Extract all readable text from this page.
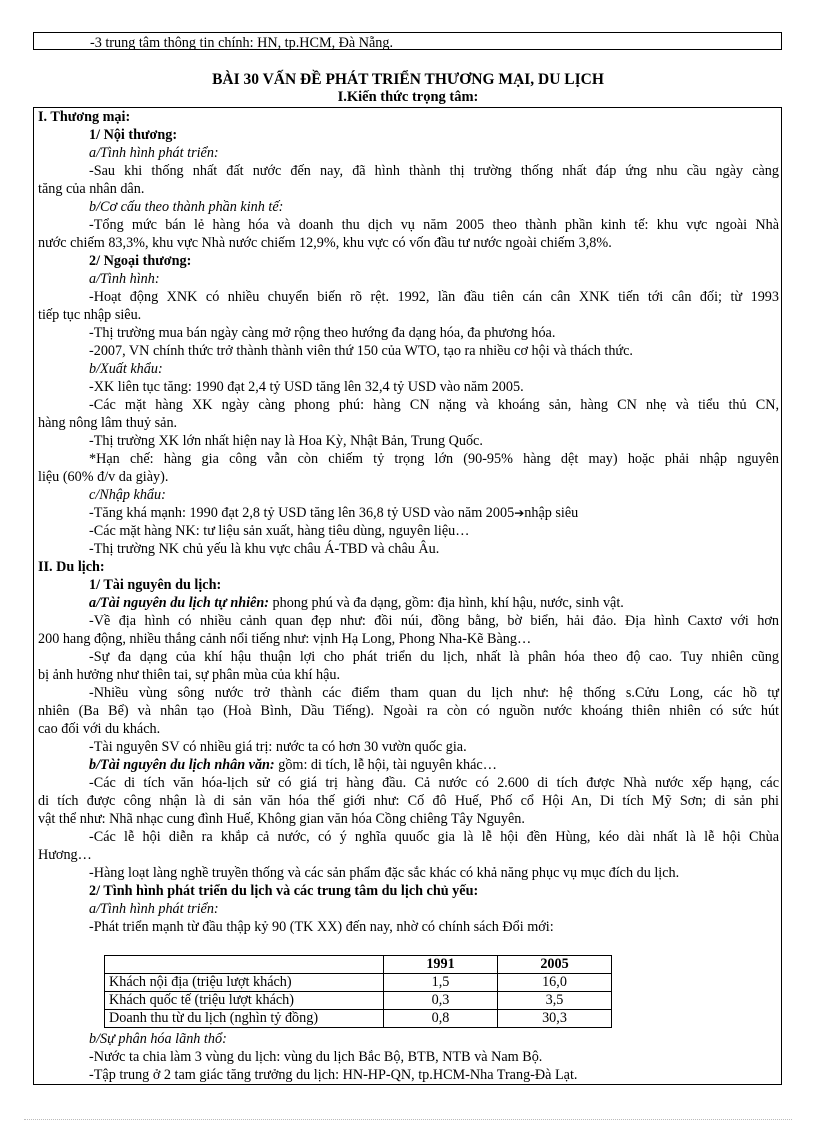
-3 trung tâm thông tin chính: HN, tp.HCM, Đà Nẵng.
BÀI 30 VẤN ĐỀ PHÁT TRIỂN THƯƠNG MẠI, DU LỊCH
I.Kiến thức trọng tâm:
I. Thương mại:
1/ Nội thương:
a/Tình hình phát triển:
-Sau khi thống nhất đất nước đến nay, đã hình thành thị trường thống nhất đáp ứng nhu cầu ngày càng
tăng của nhân dân.
b/Cơ cấu theo thành phần kinh tế:
-Tổng mức bán lẻ hàng hóa và doanh thu dịch vụ năm 2005 theo thành phần kinh tế: khu vực ngoài Nhà
nước chiếm 83,3%, khu vực Nhà nước chiếm 12,9%, khu vực có vốn đầu tư nước ngoài chiếm 3,8%.
2/ Ngoại thương:
a/Tình hình:
-Hoạt động XNK có nhiều chuyển biến rõ rệt. 1992, lần đầu tiên cán cân XNK tiến tới cân đối; từ 1993
tiếp tục nhập siêu.
-Thị trường mua bán ngày càng mở rộng theo hướng đa dạng hóa, đa phương hóa.
-2007, VN chính thức trở thành thành viên thứ 150 của WTO, tạo ra nhiều cơ hội và thách thức.
b/Xuất khẩu:
-XK liên tục tăng: 1990 đạt 2,4 tỷ USD tăng lên 32,4 tỷ USD vào năm 2005.
-Các mặt hàng XK ngày càng phong phú: hàng CN nặng và khoáng sản, hàng CN nhẹ và tiểu thủ CN,
hàng nông lâm thuỷ sản.
-Thị trường XK lớn nhất hiện nay là Hoa Kỳ, Nhật Bản, Trung Quốc.
*Hạn chế: hàng gia công vẫn còn chiếm tỷ trọng lớn (90-95% hàng dệt may) hoặc phải nhập nguyên
liệu (60% đ/v da giày).
c/Nhập khẩu:
-Tăng khá mạnh: 1990 đạt 2,8 tỷ USD tăng lên 36,8 tỷ USD vào năm 2005➔nhập siêu
-Các mặt hàng NK: tư liệu sản xuất, hàng tiêu dùng, nguyên liệu…
-Thị trường NK chủ yếu là khu vực châu Á-TBD và châu Âu.
II. Du lịch:
1/ Tài nguyên du lịch:
a/Tài nguyên du lịch tự nhiên: phong phú và đa dạng, gồm: địa hình, khí hậu, nước, sinh vật.
-Về địa hình có nhiều cảnh quan đẹp như: đồi núi, đồng bằng, bờ biển, hải đảo. Địa hình Caxtơ với hơn
200 hang động, nhiều thắng cảnh nổi tiếng như: vịnh Hạ Long, Phong Nha-Kẽ Bàng…
-Sự đa dạng của khí hậu thuận lợi cho phát triển du lịch, nhất là phân hóa theo độ cao. Tuy nhiên cũng
bị ảnh hưởng như thiên tai, sự phân mùa của khí hậu.
-Nhiều vùng sông nước trở thành các điểm tham quan du lịch như: hệ thống s.Cửu Long, các hồ tự
nhiên (Ba Bể) và nhân tạo (Hoà Bình, Dầu Tiếng). Ngoài ra còn có nguồn nước khoáng thiên nhiên có sức hút
cao đối với du khách.
-Tài nguyên SV có nhiều giá trị: nước ta có hơn 30 vườn quốc gia.
b/Tài nguyên du lịch nhân văn: gồm: di tích, lễ hội, tài nguyên khác…
-Các di tích văn hóa-lịch sử có giá trị hàng đầu. Cả nước có 2.600 di tích được Nhà nước xếp hạng, các
di tích được công nhận là di sản văn hóa thế giới như: Cố đô Huế, Phố cổ Hội An, Di tích Mỹ Sơn; di sản phi
vật thể như: Nhã nhạc cung đình Huế, Không gian văn hóa Cồng chiêng Tây Nguyên.
-Các lễ hội diễn ra khắp cả nước, có ý nghĩa quuốc gia là lễ hội đền Hùng, kéo dài nhất là lễ hội Chùa
Hương…
-Hàng loạt làng nghề truyền thống và các sản phẩm đặc sắc khác có khả năng phục vụ mục đích du lịch.
2/ Tình hình phát triển du lịch và các trung tâm du lịch chủ yếu:
a/Tình hình phát triển:
-Phát triển mạnh từ đầu thập kỷ 90 (TK XX) đến nay, nhờ có chính sách Đổi mới:
	1991	2005
Khách nội địa (triệu lượt khách)	1,5	16,0
Khách quốc tế (triệu lượt khách)	0,3	3,5
Doanh thu từ du lịch (nghìn tỷ đồng)	0,8	30,3
b/Sự phân hóa lãnh thổ:
-Nước ta chia làm 3 vùng du lịch: vùng du lịch Bắc Bộ, BTB, NTB và Nam Bộ.
-Tập trung ở 2 tam giác tăng trưởng du lịch: HN-HP-QN, tp.HCM-Nha Trang-Đà Lạt.
